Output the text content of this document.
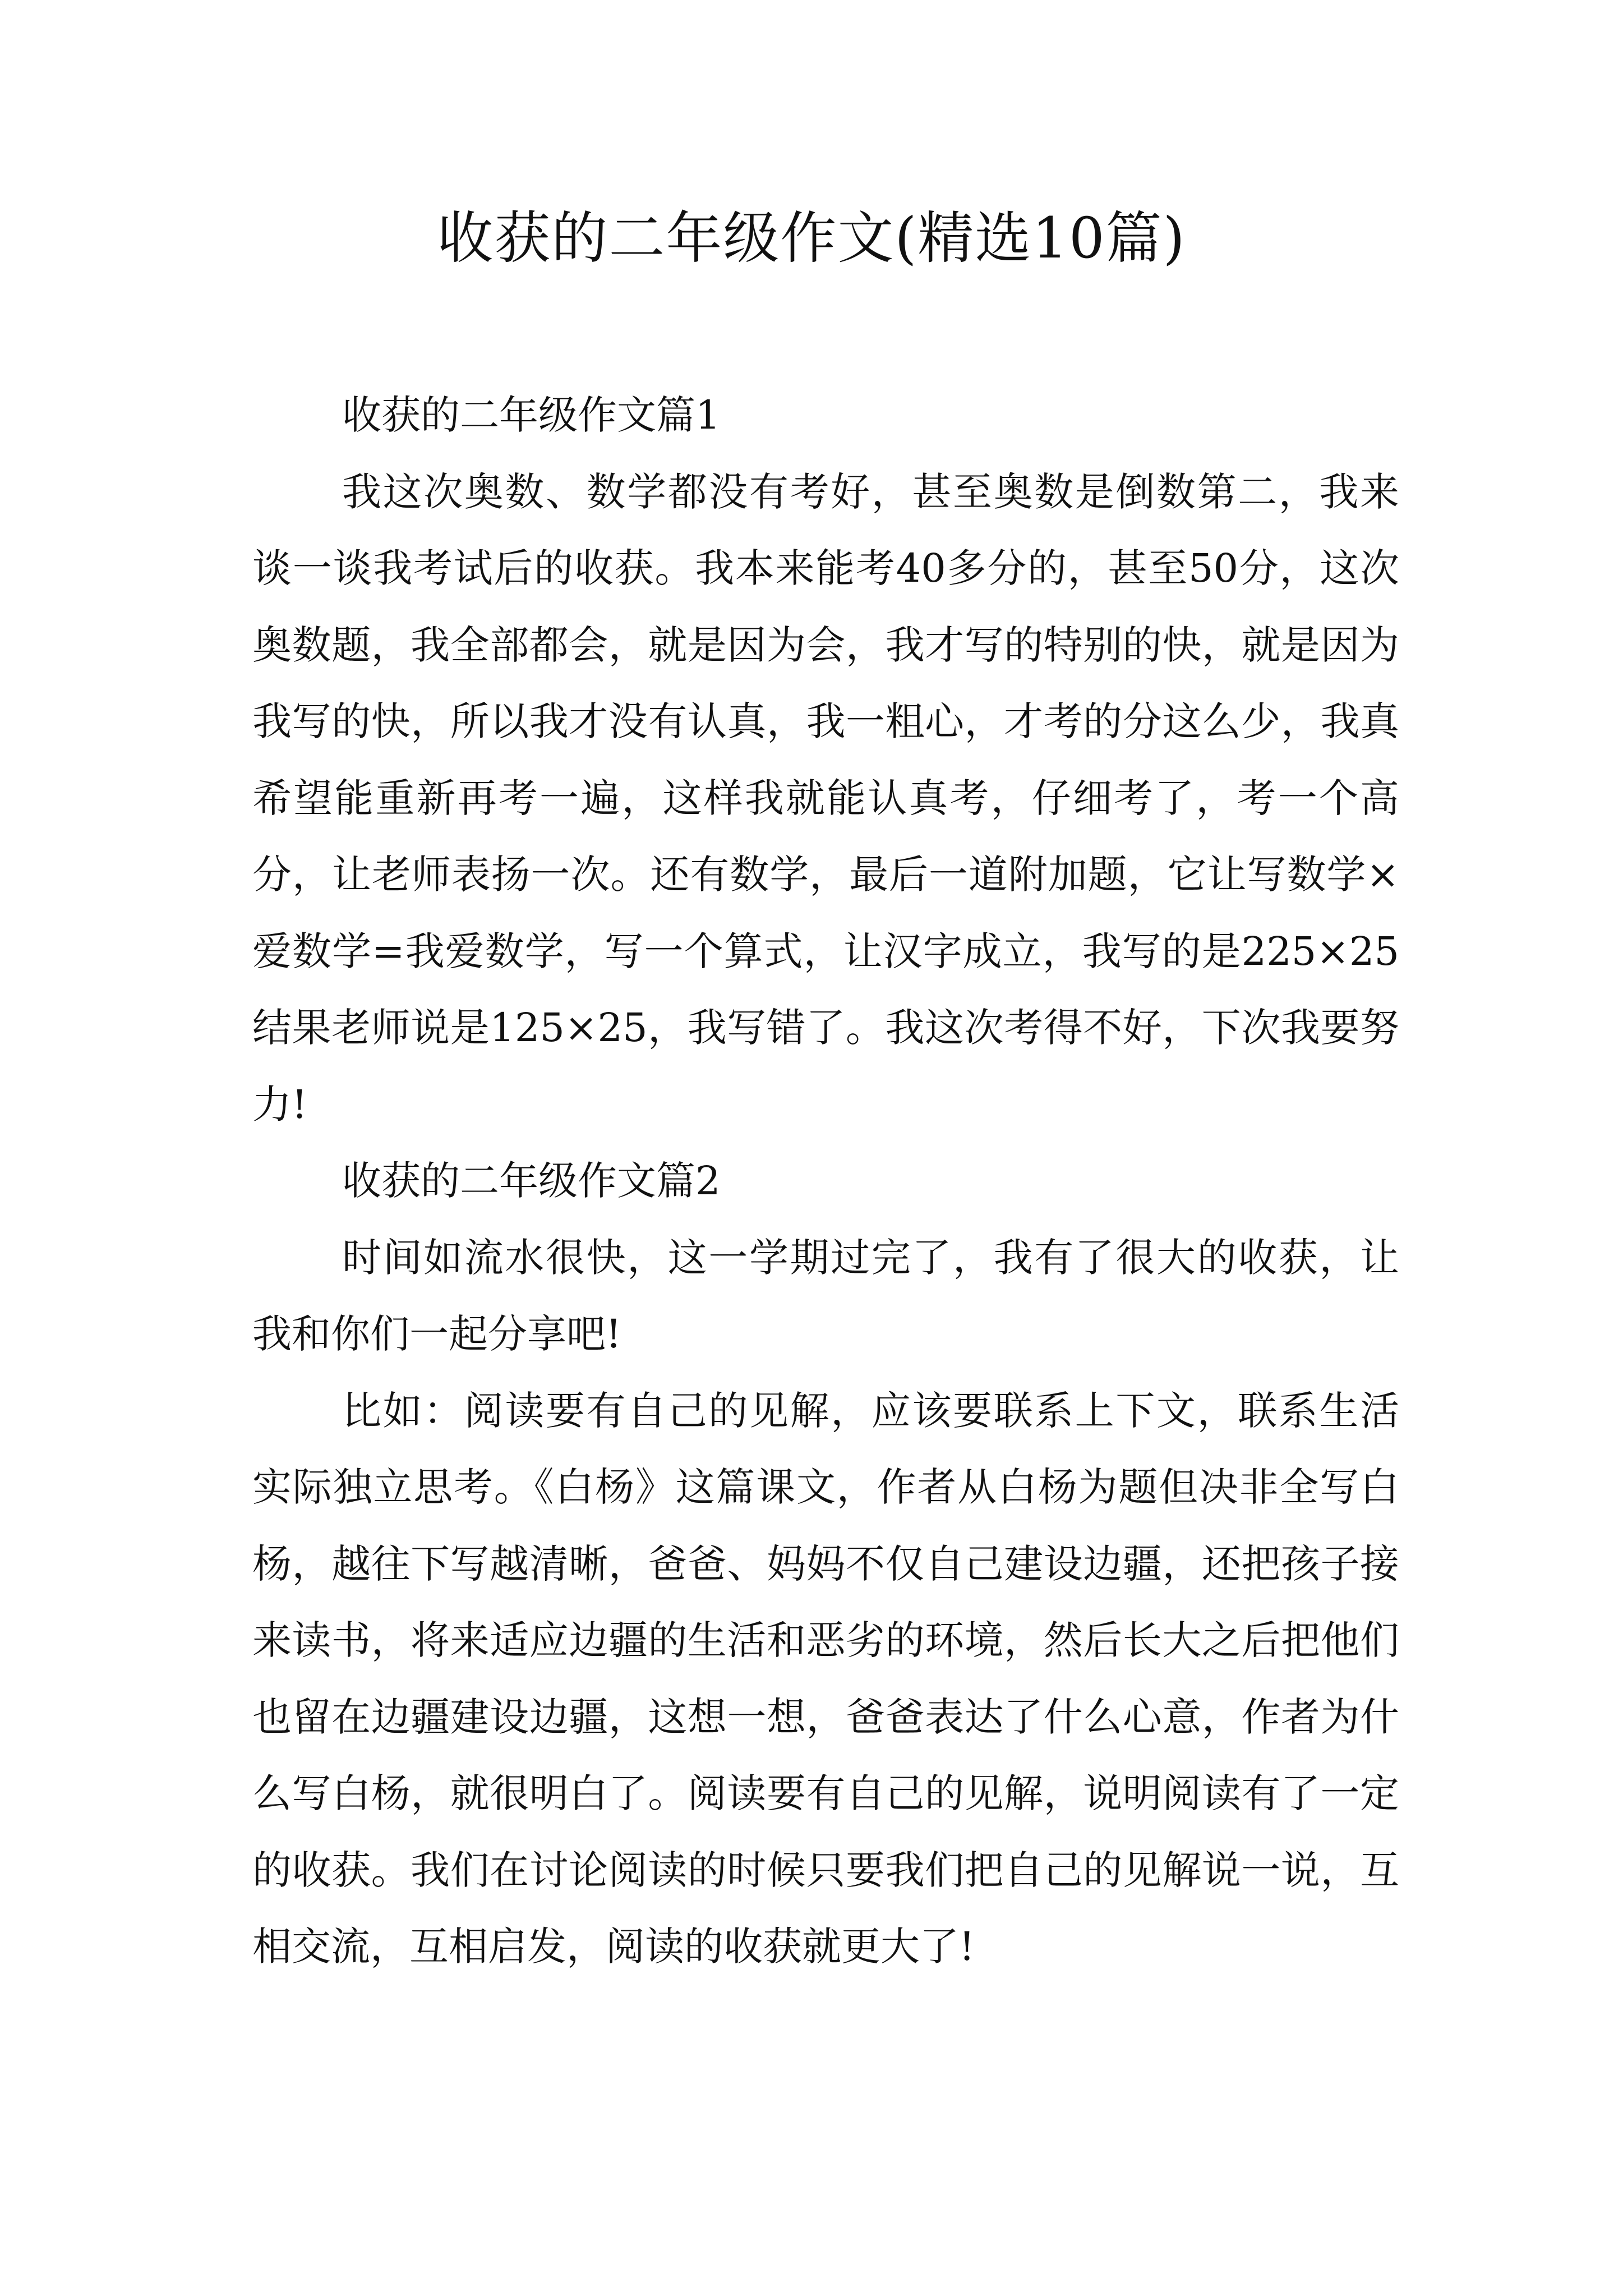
收获的二年级作文(精选10篇)

收获的二年级作文篇1

我这次奥数、数学都没有考好，甚至奥数是倒数第二，我来谈一谈我考试后的收获。我本来能考40多分的，甚至50分，这次奥数题，我全部都会，就是因为会，我才写的特别的快，就是因为我写的快，所以我才没有认真，我一粗心，才考的分这么少，我真希望能重新再考一遍，这样我就能认真考，仔细考了，考一个高分，让老师表扬一次。还有数学，最后一道附加题，它让写数学×爱数学=我爱数学，写一个算式，让汉字成立，我写的是225×25结果老师说是125×25，我写错了。我这次考得不好，下次我要努力!

收获的二年级作文篇2

时间如流水很快，这一学期过完了，我有了很大的收获，让我和你们一起分享吧!

比如：阅读要有自己的见解，应该要联系上下文，联系生活实际独立思考。《白杨》这篇课文，作者从白杨为题但决非全写白杨，越往下写越清晰，爸爸、妈妈不仅自己建设边疆，还把孩子接来读书，将来适应边疆的生活和恶劣的环境，然后长大之后把他们也留在边疆建设边疆，这想一想，爸爸表达了什么心意，作者为什么写白杨，就很明白了。阅读要有自己的见解，说明阅读有了一定的收获。我们在讨论阅读的时候只要我们把自己的见解说一说，互相交流，互相启发，阅读的收获就更大了!
